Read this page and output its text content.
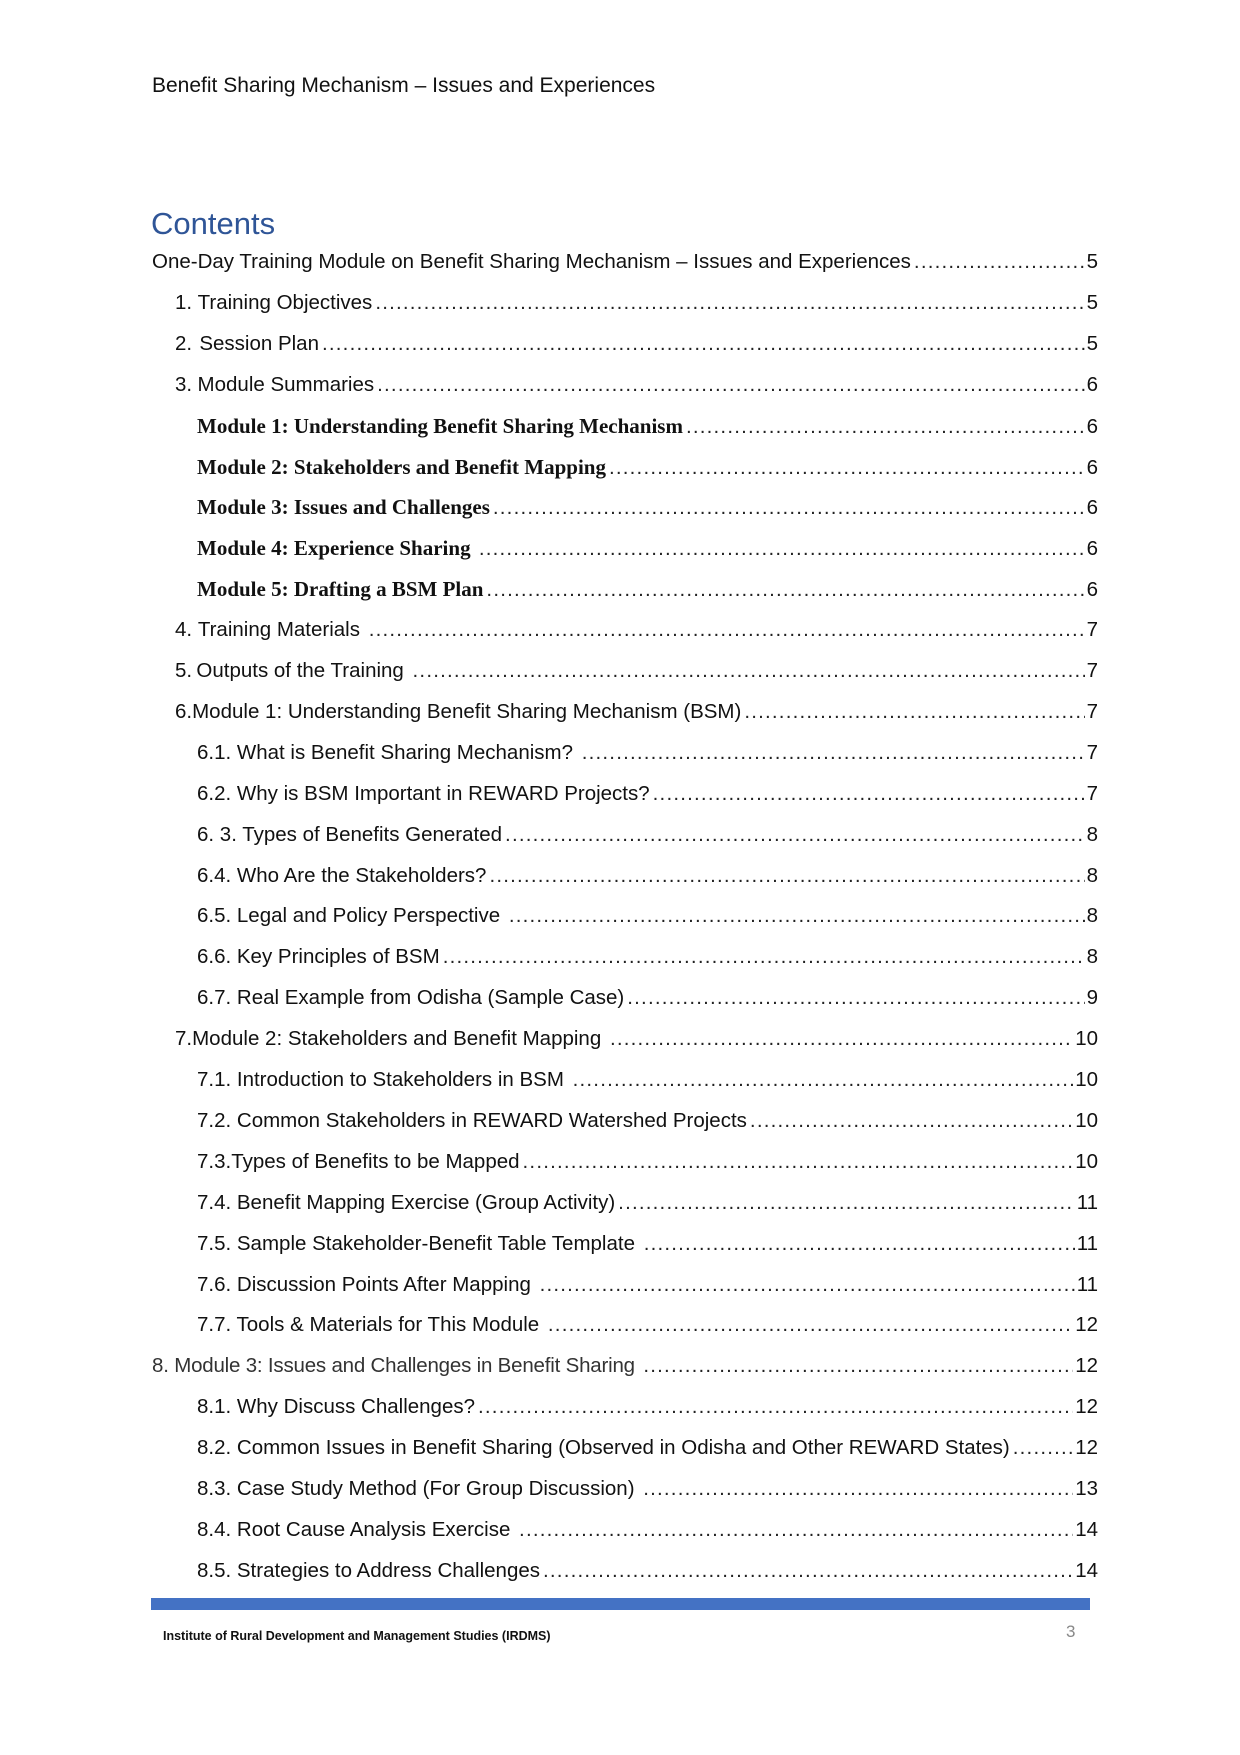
Benefit Sharing Mechanism – Issues and Experiences
Contents
One-Day Training Module on Benefit Sharing Mechanism – Issues and Experiences .....	5
1. Training Objectives .....	5
2. Session Plan .....	5
3. Module Summaries .....	6
Module 1: Understanding Benefit Sharing Mechanism .....	6
Module 2: Stakeholders and Benefit Mapping .....	6
Module 3: Issues and Challenges .....	6
Module 4: Experience Sharing .....	6
Module 5: Drafting a BSM Plan .....	6
4. Training Materials .....	7
5. Outputs of the Training .....	7
6. Module 1: Understanding Benefit Sharing Mechanism (BSM) .....	7
6.1. What is Benefit Sharing Mechanism? .....	7
6.2. Why is BSM Important in REWARD Projects? .....	7
6. 3. Types of Benefits Generated .....	8
6.4. Who Are the Stakeholders? .....	8
6.5. Legal and Policy Perspective .....	8
6.6. Key Principles of BSM .....	8
6.7. Real Example from Odisha (Sample Case) .....	9
7. Module 2: Stakeholders and Benefit Mapping .....	10
7.1. Introduction to Stakeholders in BSM .....	10
7.2. Common Stakeholders in REWARD Watershed Projects .....	10
7.3. Types of Benefits to be Mapped .....	10
7.4. Benefit Mapping Exercise (Group Activity) .....	11
7.5. Sample Stakeholder-Benefit Table Template .....	11
7.6. Discussion Points After Mapping .....	11
7.7. Tools & Materials for This Module .....	12
8. Module 3: Issues and Challenges in Benefit Sharing .....	12
8.1. Why Discuss Challenges? .....	12
8.2. Common Issues in Benefit Sharing (Observed in Odisha and Other REWARD States) .....	12
8.3. Case Study Method (For Group Discussion) .....	13
8.4. Root Cause Analysis Exercise .....	14
8.5. Strategies to Address Challenges .....	14
Institute of Rural Development and Management Studies (IRDMS)	3
